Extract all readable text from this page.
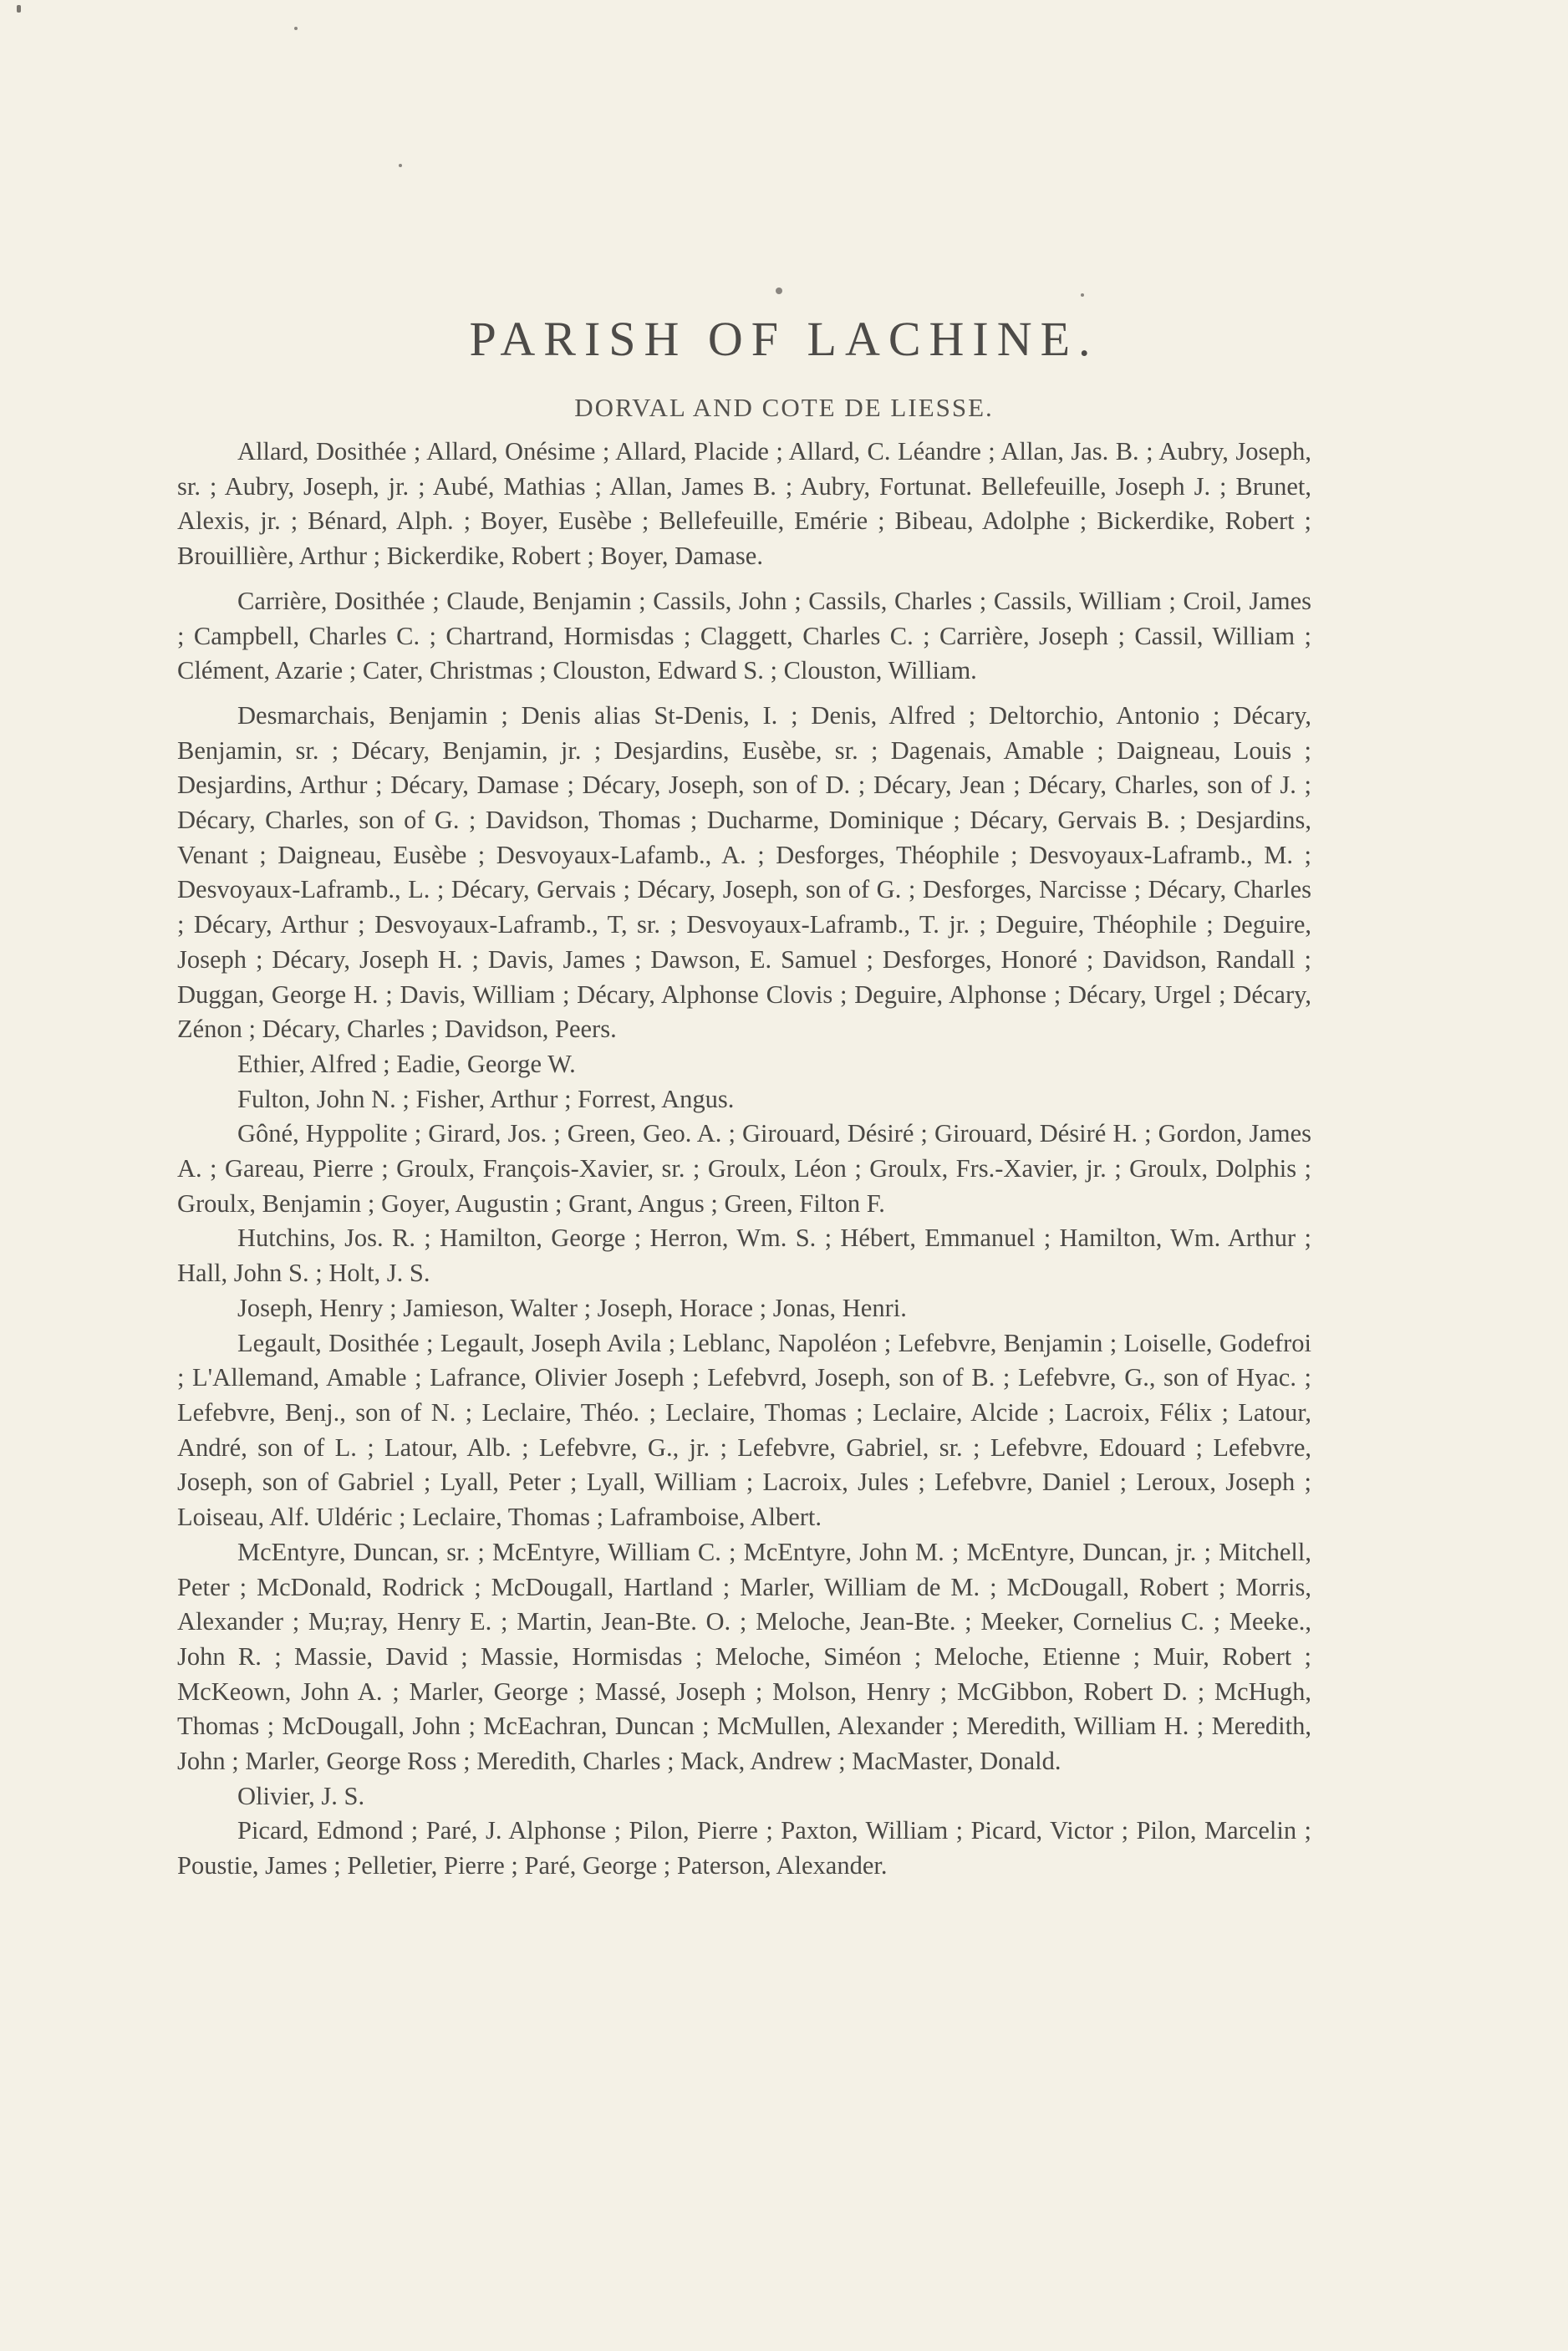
PARISH OF LACHINE.
DORVAL AND COTE DE LIESSE.

Allard, Dosithée ; Allard, Onésime ; Allard, Placide ; Allard, C. Léandre ; Allan, Jas. B. ; Aubry, Joseph, sr. ; Aubry, Joseph, jr. ; Aubé, Mathias ; Allan, James B. ; Aubry, Fortunat. Bellefeuille, Joseph J. ; Brunet, Alexis, jr. ; Bénard, Alph. ; Boyer, Eusèbe ; Bellefeuille, Emérie ; Bibeau, Adolphe ; Bickerdike, Robert ; Brouillière, Arthur ; Bickerdike, Robert ; Boyer, Damase.

Carrière, Dosithée ; Claude, Benjamin ; Cassils, John ; Cassils, Charles ; Cassils, William ; Croil, James ; Campbell, Charles C. ; Chartrand, Hormisdas ; Claggett, Charles C. ; Carrière, Joseph ; Cassil, William ; Clément, Azarie ; Cater, Christmas ; Clouston, Edward S. ; Clouston, William.

Desmarchais, Benjamin ; Denis alias St-Denis, I. ; Denis, Alfred ; Deltorchio, Antonio ; Décary, Benjamin, sr. ; Décary, Benjamin, jr. ; Desjardins, Eusèbe, sr. ; Dagenais, Amable ; Daigneau, Louis ; Desjardins, Arthur ; Décary, Damase ; Décary, Joseph, son of D. ; Décary, Jean ; Décary, Charles, son of J. ; Décary, Charles, son of G. ; Davidson, Thomas ; Ducharme, Dominique ; Décary, Gervais B. ; Desjardins, Venant ; Daigneau, Eusèbe ; Desvoyaux-Lafamb., A. ; Desforges, Théophile ; Desvoyaux-Laframb., M. ; Desvoyaux-Laframb., L. ; Décary, Gervais ; Décary, Joseph, son of G. ; Desforges, Narcisse ; Décary, Charles ; Décary, Arthur ; Desvoyaux-Laframb., T, sr. ; Desvoyaux-Laframb., T. jr. ; Deguire, Théophile ; Deguire, Joseph ; Décary, Joseph H. ; Davis, James ; Dawson, E. Samuel ; Desforges, Honoré ; Davidson, Randall ; Duggan, George H. ; Davis, William ; Décary, Alphonse Clovis ; Deguire, Alphonse ; Décary, Urgel ; Décary, Zénon ; Décary, Charles ; Davidson, Peers.

Ethier, Alfred ; Eadie, George W.

Fulton, John N. ; Fisher, Arthur ; Forrest, Angus.

Gôné, Hyppolite ; Girard, Jos. ; Green, Geo. A. ; Girouard, Désiré ; Girouard, Désiré H. ; Gordon, James A. ; Gareau, Pierre ; Groulx, François-Xavier, sr. ; Groulx, Léon ; Groulx, Frs.-Xavier, jr. ; Groulx, Dolphis ; Groulx, Benjamin ; Goyer, Augustin ; Grant, Angus ; Green, Filton F.

Hutchins, Jos. R. ; Hamilton, George ; Herron, Wm. S. ; Hébert, Emmanuel ; Hamilton, Wm. Arthur ; Hall, John S. ; Holt, J. S.

Joseph, Henry ; Jamieson, Walter ; Joseph, Horace ; Jonas, Henri.

Legault, Dosithée ; Legault, Joseph Avila ; Leblanc, Napoléon ; Lefebvre, Benjamin ; Loiselle, Godefroi ; L'Allemand, Amable ; Lafrance, Olivier Joseph ; Lefebvrd, Joseph, son of B. ; Lefebvre, G., son of Hyac. ; Lefebvre, Benj., son of N. ; Leclaire, Théo. ; Leclaire, Thomas ; Leclaire, Alcide ; Lacroix, Félix ; Latour, André, son of L. ; Latour, Alb. ; Lefebvre, G., jr. ; Lefebvre, Gabriel, sr. ; Lefebvre, Edouard ; Lefebvre, Joseph, son of Gabriel ; Lyall, Peter ; Lyall, William ; Lacroix, Jules ; Lefebvre, Daniel ; Leroux, Joseph ; Loiseau, Alf. Uldéric ; Leclaire, Thomas ; Laframboise, Albert.

McEntyre, Duncan, sr. ; McEntyre, William C. ; McEntyre, John M. ; McEntyre, Duncan, jr. ; Mitchell, Peter ; McDonald, Rodrick ; McDougall, Hartland ; Marler, William de M. ; McDougall, Robert ; Morris, Alexander ; Mu;ray, Henry E. ; Martin, Jean-Bte. O. ; Meloche, Jean-Bte. ; Meeker, Cornelius C. ; Meeke., John R. ; Massie, David ; Massie, Hormisdas ; Meloche, Siméon ; Meloche, Etienne ; Muir, Robert ; McKeown, John A. ; Marler, George ; Massé, Joseph ; Molson, Henry ; McGibbon, Robert D. ; McHugh, Thomas ; McDougall, John ; McEachran, Duncan ; McMullen, Alexander ; Meredith, William H. ; Meredith, John ; Marler, George Ross ; Meredith, Charles ; Mack, Andrew ; MacMaster, Donald.

Olivier, J. S.

Picard, Edmond ; Paré, J. Alphonse ; Pilon, Pierre ; Paxton, William ; Picard, Victor ; Pilon, Marcelin ; Poustie, James ; Pelletier, Pierre ; Paré, George ; Paterson, Alexander.
